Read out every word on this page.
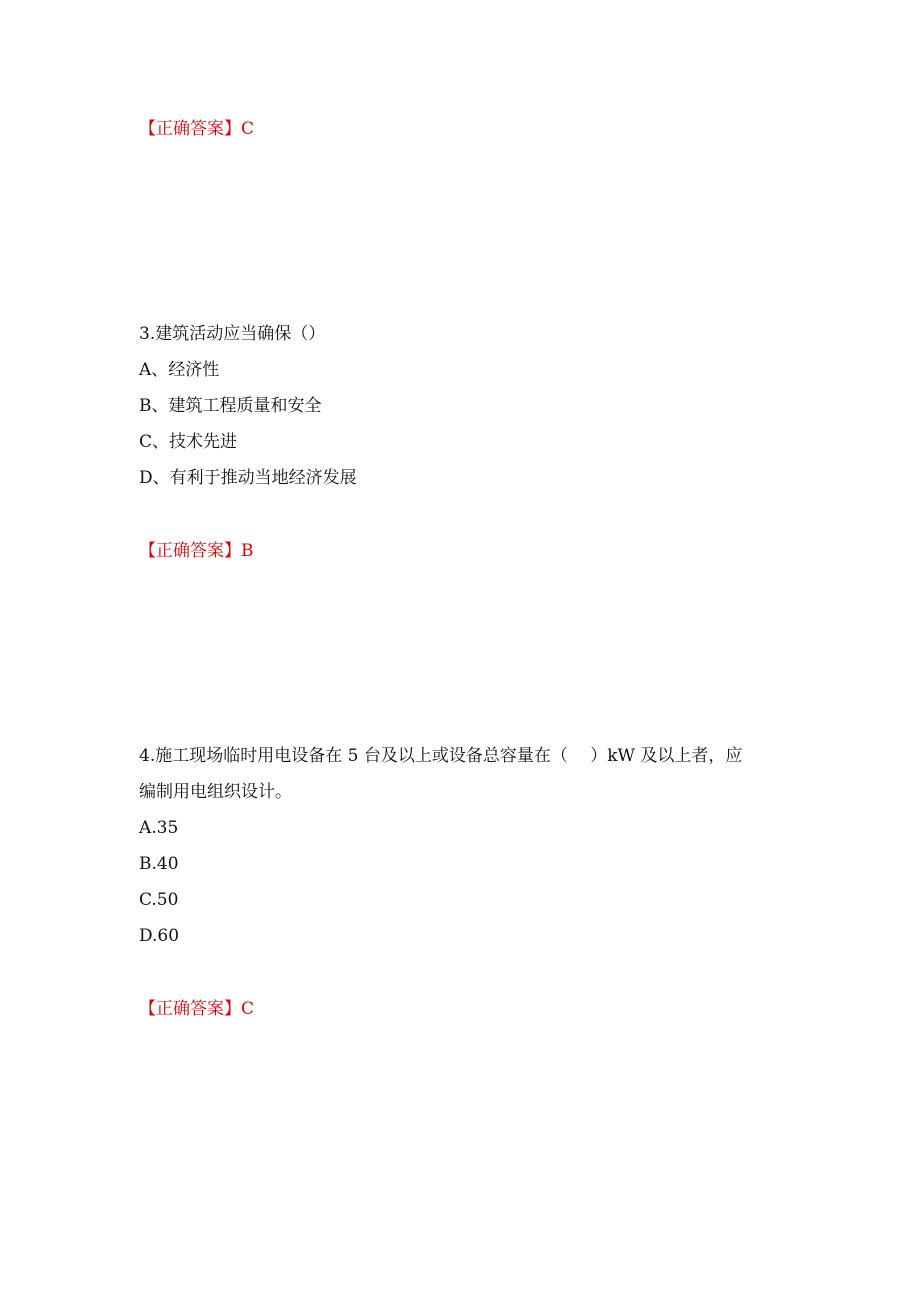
【正确答案】C
3.建筑活动应当确保（）
A、经济性
B、建筑工程质量和安全
C、技术先进
D、有利于推动当地经济发展
【正确答案】B
4.施工现场临时用电设备在 5 台及以上或设备总容量在（　 ）kW 及以上者，应
编制用电组织设计。
A.35
B.40
C.50
D.60
【正确答案】C
